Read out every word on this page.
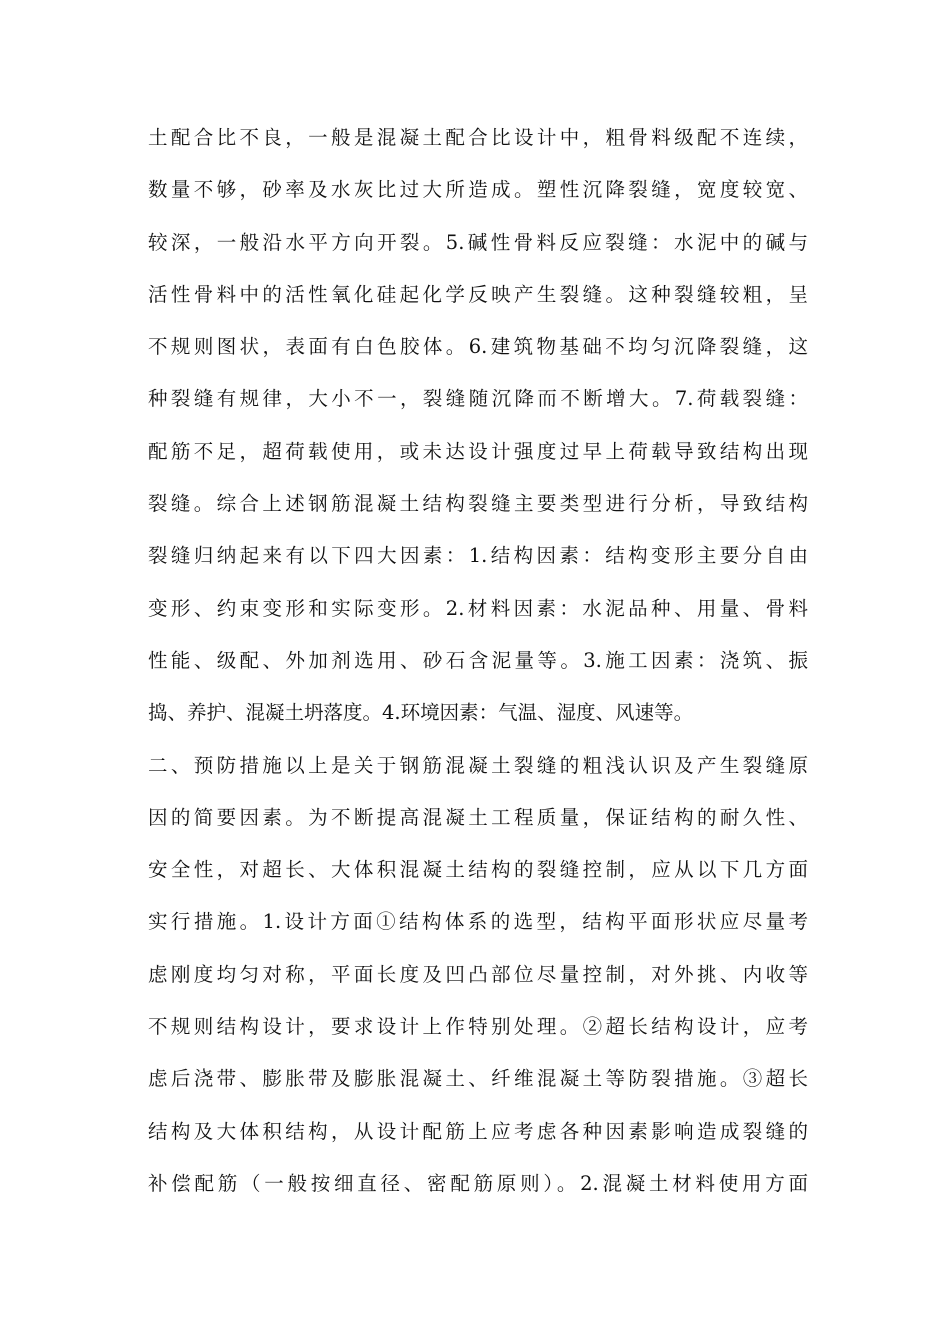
土配合比不良，一般是混凝土配合比设计中，粗骨料级配不连续，
数量不够，砂率及水灰比过大所造成。塑性沉降裂缝，宽度较宽、
较深，一般沿水平方向开裂。5.碱性骨料反应裂缝：水泥中的碱与
活性骨料中的活性氧化硅起化学反映产生裂缝。这种裂缝较粗，呈
不规则图状，表面有白色胶体。6.建筑物基础不均匀沉降裂缝，这
种裂缝有规律，大小不一，裂缝随沉降而不断增大。7.荷载裂缝：
配筋不足，超荷载使用，或未达设计强度过早上荷载导致结构出现
裂缝。综合上述钢筋混凝土结构裂缝主要类型进行分析，导致结构
裂缝归纳起来有以下四大因素：1.结构因素：结构变形主要分自由
变形、约束变形和实际变形。2.材料因素：水泥品种、用量、骨料
性能、级配、外加剂选用、砂石含泥量等。3.施工因素：浇筑、振
捣、养护、混凝土坍落度。4.环境因素：气温、湿度、风速等。
二、预防措施以上是关于钢筋混凝土裂缝的粗浅认识及产生裂缝原
因的简要因素。为不断提高混凝土工程质量，保证结构的耐久性、
安全性，对超长、大体积混凝土结构的裂缝控制，应从以下几方面
实行措施。1.设计方面①结构体系的选型，结构平面形状应尽量考
虑刚度均匀对称，平面长度及凹凸部位尽量控制，对外挑、内收等
不规则结构设计，要求设计上作特别处理。②超长结构设计，应考
虑后浇带、膨胀带及膨胀混凝土、纤维混凝土等防裂措施。③超长
结构及大体积结构，从设计配筋上应考虑各种因素影响造成裂缝的
补偿配筋（一般按细直径、密配筋原则）。2.混凝土材料使用方面
